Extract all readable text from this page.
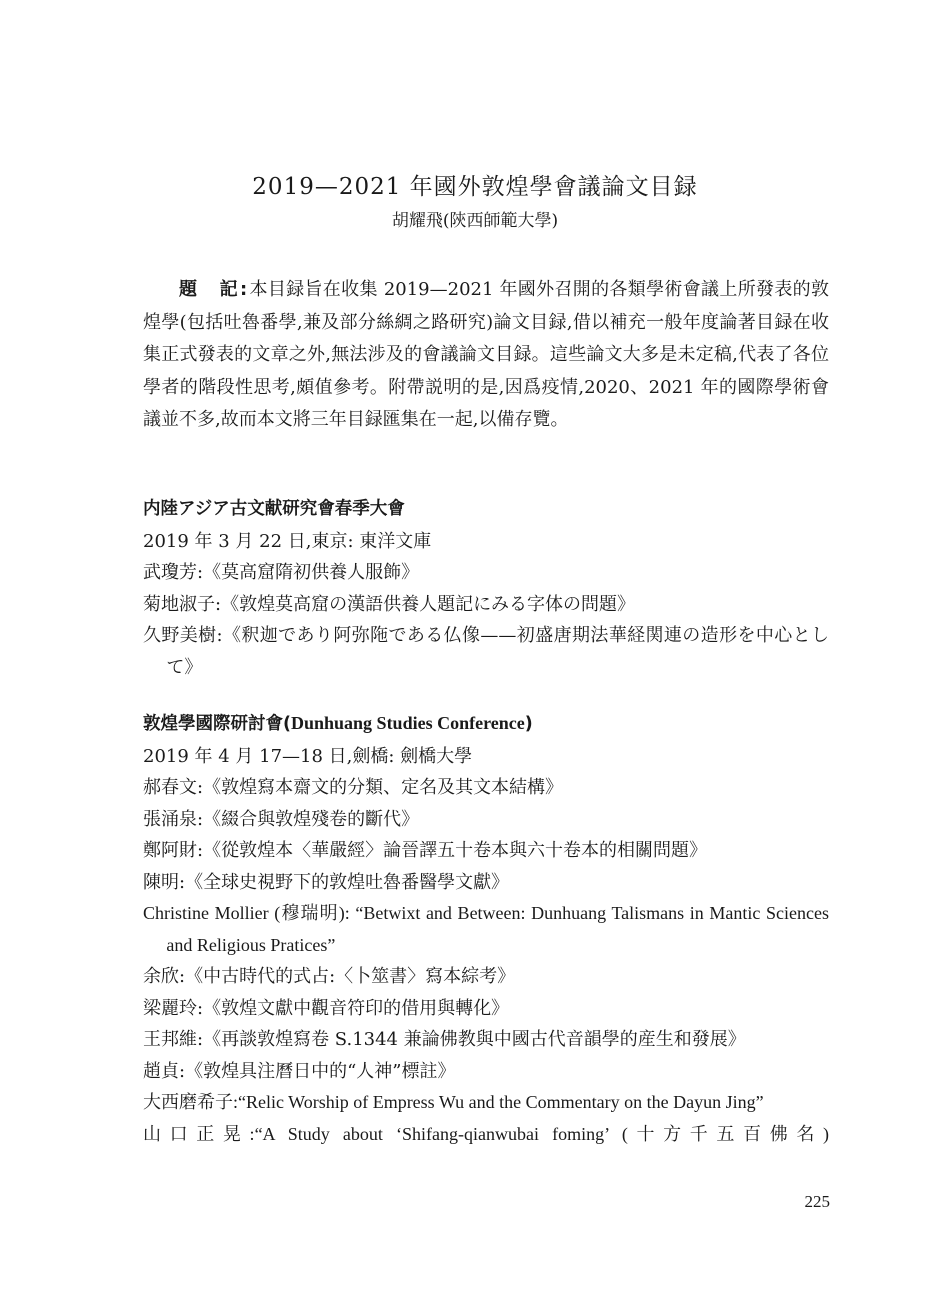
2019—2021 年國外敦煌學會議論文目録
胡耀飛(陝西師範大學)

題　記:本目録旨在收集 2019—2021 年國外召開的各類學術會議上所發表的敦煌學(包括吐魯番學,兼及部分絲綢之路研究)論文目録,借以補充一般年度論著目録在收集正式發表的文章之外,無法涉及的會議論文目録。這些論文大多是未定稿,代表了各位學者的階段性思考,頗值參考。附帶説明的是,因爲疫情,2020、2021 年的國際學術會議並不多,故而本文將三年目録匯集在一起,以備存覽。

内陸アジア古文献研究會春季大會
2019 年 3 月 22 日,東京: 東洋文庫
武瓊芳:《莫高窟隋初供養人服飾》
菊地淑子:《敦煌莫高窟の漢語供養人題記にみる字体の問題》
久野美樹:《釈迦であり阿弥陁である仏像——初盛唐期法華経関連の造形を中心として》
敦煌學國際研討會(Dunhuang Studies Conference)
2019 年 4 月 17—18 日,劍橋: 劍橋大學
郝春文:《敦煌寫本齋文的分類、定名及其文本結構》
張涌泉:《綴合與敦煌殘卷的斷代》
鄭阿財:《從敦煌本〈華嚴經〉論晉譯五十卷本與六十卷本的相關問題》
陳明:《全球史視野下的敦煌吐魯番醫學文獻》
Christine Mollier (穆瑞明): “Betwixt and Between: Dunhuang Talismans in Mantic Sciences and Religious Pratices”
余欣:《中古時代的式占:〈卜筮書〉寫本綜考》
梁麗玲:《敦煌文獻中觀音符印的借用與轉化》
王邦維:《再談敦煌寫卷 S.1344 兼論佛教與中國古代音韻學的産生和發展》
趙貞:《敦煌具注曆日中的“人神”標註》
大西磨希子:“Relic Worship of Empress Wu and the Commentary on the Dayun Jing”
山口正晃:“A Study about ‘Shifang-qianwubai foming’ (十方千五百佛名)
225
